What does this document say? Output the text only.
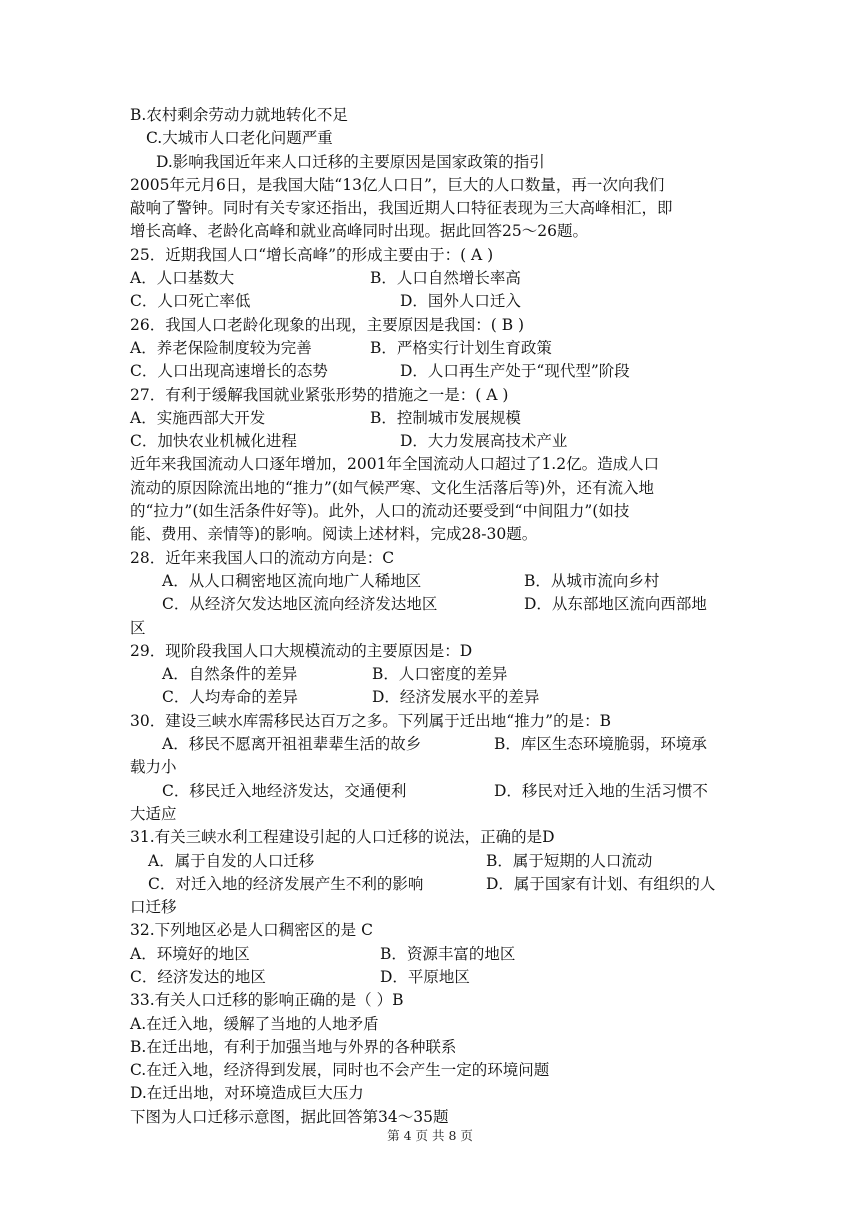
B.农村剩余劳动力就地转化不足
C.大城市人口老化问题严重
D.影响我国近年来人口迁移的主要原因是国家政策的指引
2005年元月6日，是我国大陆“13亿人口日”，巨大的人口数量，再一次向我们
敲响了警钟。同时有关专家还指出，我国近期人口特征表现为三大高峰相汇，即
增长高峰、老龄化高峰和就业高峰同时出现。据此回答25～26题。
25．近期我国人口“增长高峰”的形成主要由于：( A )
A．人口基数大	B．人口自然增长率高
C．人口死亡率低	D．国外人口迁入
26．我国人口老龄化现象的出现，主要原因是我国：( B )
A．养老保险制度较为完善	B．严格实行计划生育政策
C．人口出现高速增长的态势	D．人口再生产处于“现代型”阶段
27．有利于缓解我国就业紧张形势的措施之一是：( A )
A．实施西部大开发	B．控制城市发展规模
C．加快农业机械化进程	D．大力发展高技术产业
近年来我国流动人口逐年增加，2001年全国流动人口超过了1.2亿。造成人口
流动的原因除流出地的“推力”(如气候严寒、文化生活落后等)外，还有流入地
的“拉力”(如生活条件好等)。此外，人口的流动还要受到“中间阻力”(如技
能、费用、亲情等)的影响。阅读上述材料，完成28-30题。
28．近年来我国人口的流动方向是：C
A．从人口稠密地区流向地广人稀地区	B．从城市流向乡村
C．从经济欠发达地区流向经济发达地区	D．从东部地区流向西部地
区
29．现阶段我国人口大规模流动的主要原因是：D
A．自然条件的差异	B．人口密度的差异
C．人均寿命的差异	D．经济发展水平的差异
30．建设三峡水库需移民达百万之多。下列属于迁出地“推力”的是：B
A．移民不愿离开祖祖辈辈生活的故乡	B．库区生态环境脆弱，环境承
载力小
C．移民迁入地经济发达，交通便利	D．移民对迁入地的生活习惯不
大适应
31.有关三峡水利工程建设引起的人口迁移的说法，正确的是D
A．属于自发的人口迁移	B．属于短期的人口流动
C．对迁入地的经济发展产生不利的影响	D．属于国家有计划、有组织的人
口迁移
32.下列地区必是人口稠密区的是 C
A．环境好的地区	B．资源丰富的地区
C．经济发达的地区	D．平原地区
33.有关人口迁移的影响正确的是（ ）B
A.在迁入地，缓解了当地的人地矛盾
B.在迁出地，有利于加强当地与外界的各种联系
C.在迁入地，经济得到发展，同时也不会产生一定的环境问题
D.在迁出地，对环境造成巨大压力
下图为人口迁移示意图，据此回答第34～35题
第 4 页 共 8 页
